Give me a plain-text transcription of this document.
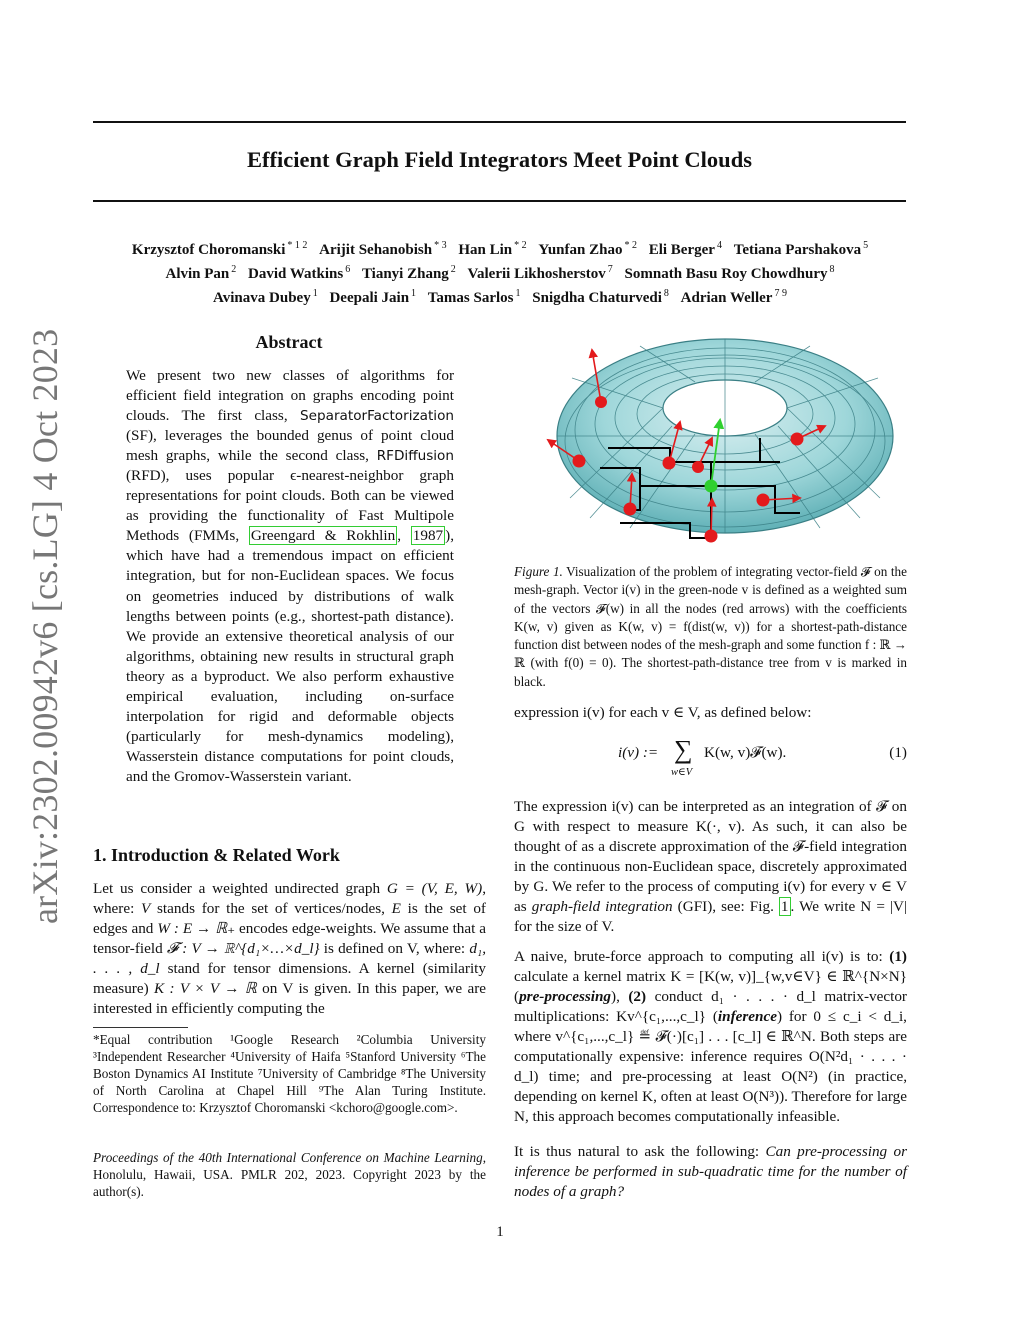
Efficient Graph Field Integrators Meet Point Clouds
Krzysztof Choromanski $^{* 1 2}$ Arijit Sehanobish $^{* 3}$ Han Lin $^{* 2}$ Yunfan Zhao $^{* 2}$ Eli Berger $^4$ Tetiana Parshakova $^5$
Alvin Pan $^2$ David Watkins $^6$ Tianyi Zhang $^2$ Valerii Likhosherstov $^7$ Somnath Basu Roy Chowdhury $^8$
Avinava Dubey $^1$ Deepali Jain $^1$ Tamas Sarlos $^1$ Snigdha Chaturvedi $^8$ Adrian Weller $^{7 9}$
arXiv:2302.00942v6 [cs.LG] 4 Oct 2023	Abstract
We present two new classes of algorithms for efficient field integration on graphs encoding point clouds. The first class, SeparatorFactorization (SF), leverages the bounded genus of point cloud mesh graphs, while the second class, RFDiffusion (RFD), uses popular ϵ-nearest-neighbor graph representations for point clouds. Both can be viewed as providing the functionality of Fast Multipole Methods (FMMs, Greengard & Rokhlin , 1987 ), which have had a tremendous impact on efficient integration, but for non-Euclidean spaces. We focus on geometries induced by distributions of walk lengths between points (e.g., shortest-path distance). We provide an extensive theoretical analysis of our algorithms, obtaining new results in structural graph theory as a byproduct. We also perform exhaustive empirical evaluation, including on-surface interpolation for rigid and deformable objects (particularly for mesh-dynamics modeling), Wasserstein distance computations for point clouds, and the Gromov-Wasserstein variant.
1. Introduction & Related Work
Let us consider a weighted undirected graph G = (V, E, W), where: V stands for the set of vertices/nodes, E is the set of edges and W : E → ℝ₊ encodes edge-weights. We assume that a tensor-field 𝓕 : V → ℝ^{d₁×…×d_l} is defined on V, where: d₁, . . . , d_l stand for tensor dimensions. A kernel (similarity measure) K : V × V → ℝ on V is given. In this paper, we are interested in efficiently computing the
*Equal contribution ¹Google Research ²Columbia University ³Independent Researcher ⁴University of Haifa ⁵Stanford University ⁶The Boston Dynamics AI Institute ⁷University of Cambridge ⁸The University of North Carolina at Chapel Hill ⁹The Alan Turing Institute. Correspondence to: Krzysztof Choromanski <kchoro@google.com>.
Proceedings of the 40th International Conference on Machine Learning, Honolulu, Hawaii, USA. PMLR 202, 2023. Copyright 2023 by the author(s).
Figure 1. Visualization of the problem of integrating vector-field 𝓕 on the mesh-graph. Vector i(v) in the green-node v is defined as a weighted sum of the vectors 𝓕(w) in all the nodes (red arrows) with the coefficients K(w, v) given as K(w, v) = f(dist(w, v)) for a shortest-path-distance function dist between nodes of the mesh-graph and some function f : ℝ → ℝ (with f(0) = 0). The shortest-path-distance tree from v is marked in black.
expression i(v) for each v ∈ V, as defined below:
i(v) := ∑
w∈V
K(w, v)𝓕(w).	(1)
The expression i(v) can be interpreted as an integration of 𝓕 on G with respect to measure K(·, v). As such, it can also be thought of as a discrete approximation of the 𝓕-field integration in the continuous non-Euclidean space, discretely approximated by G. We refer to the process of computing i(v) for every v ∈ V as graph-field integration (GFI), see: Fig. 1 . We write N = |V| for the size of V.
A naive, brute-force approach to computing all i(v) is to: (1) calculate a kernel matrix K = [K(w, v)]_{w,v∈V} ∈ ℝ^{N×N} (pre-processing), (2) conduct d₁ · . . . · d_l matrix-vector multiplications: Kv^{c₁,...,c_l} (inference) for 0 ≤ c_i < d_i, where v^{c₁,...,c_l} ≝ 𝓕(·)[c₁] . . . [c_l] ∈ ℝ^N. Both steps are computationally expensive: inference requires O(N²d₁ · . . . · d_l) time; and pre-processing at least O(N²) (in practice, depending on kernel K, often at least O(N³)). Therefore for large N, this approach becomes computationally infeasible.
It is thus natural to ask the following: Can pre-processing or inference be performed in sub-quadratic time for the number of nodes of a graph?
1
